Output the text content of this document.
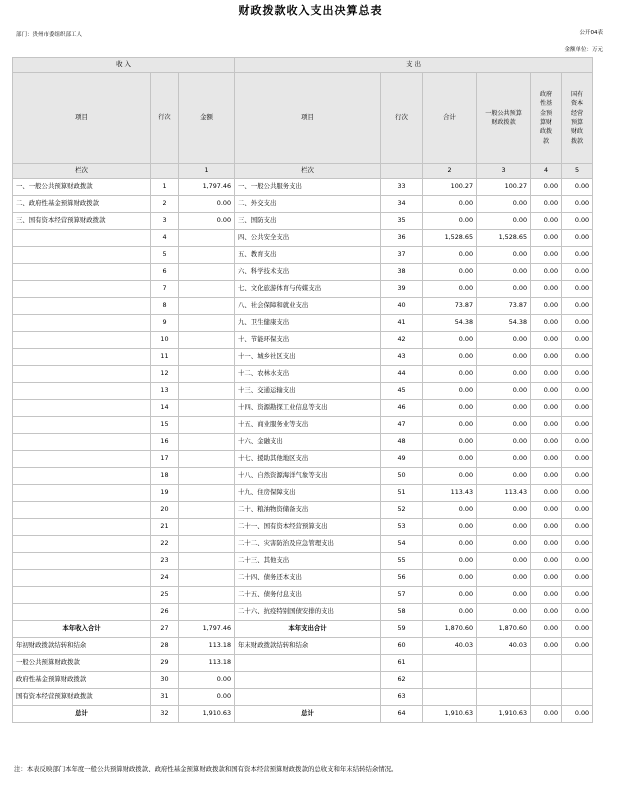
财政拨款收入支出决算总表
部门：贵州市委组织部工人	公开04表
金额单位：万元
收 入			支 出					
项目	行次	金额	项目	行次	合计	一般公共预算财政拨款	政府性基金预算财政拨款	国有资本经营预算财政拨款
栏次		1	栏次		2	3	4	5
一、一般公共预算财政拨款	1	1,797.46	一、一般公共服务支出	33	100.27	100.27	0.00	0.00
二、政府性基金预算财政拨款	2	0.00	二、外交支出	34	0.00	0.00	0.00	0.00
三、国有资本经营预算财政拨款	3	0.00	三、国防支出	35	0.00	0.00	0.00	0.00
	4		四、公共安全支出	36	1,528.65	1,528.65	0.00	0.00
	5		五、教育支出	37	0.00	0.00	0.00	0.00
	6		六、科学技术支出	38	0.00	0.00	0.00	0.00
	7		七、文化旅游体育与传媒支出	39	0.00	0.00	0.00	0.00
	8		八、社会保障和就业支出	40	73.87	73.87	0.00	0.00
	9		九、卫生健康支出	41	54.38	54.38	0.00	0.00
	10		十、节能环保支出	42	0.00	0.00	0.00	0.00
	11		十一、城乡社区支出	43	0.00	0.00	0.00	0.00
	12		十二、农林水支出	44	0.00	0.00	0.00	0.00
	13		十三、交通运输支出	45	0.00	0.00	0.00	0.00
	14		十四、资源勘探工业信息等支出	46	0.00	0.00	0.00	0.00
	15		十五、商业服务业等支出	47	0.00	0.00	0.00	0.00
	16		十六、金融支出	48	0.00	0.00	0.00	0.00
	17		十七、援助其他地区支出	49	0.00	0.00	0.00	0.00
	18		十八、自然资源海洋气象等支出	50	0.00	0.00	0.00	0.00
	19		十九、住房保障支出	51	113.43	113.43	0.00	0.00
	20		二十、粮油物资储备支出	52	0.00	0.00	0.00	0.00
	21		二十一、国有资本经营预算支出	53	0.00	0.00	0.00	0.00
	22		二十二、灾害防治及应急管理支出	54	0.00	0.00	0.00	0.00
	23		二十三、其他支出	55	0.00	0.00	0.00	0.00
	24		二十四、债务还本支出	56	0.00	0.00	0.00	0.00
	25		二十五、债务付息支出	57	0.00	0.00	0.00	0.00
	26		二十六、抗疫特别国债安排的支出	58	0.00	0.00	0.00	0.00
本年收入合计	27	1,797.46	本年支出合计	59	1,870.60	1,870.60	0.00	0.00
年初财政拨款结转和结余	28	113.18	年末财政拨款结转和结余	60	40.03	40.03	0.00	0.00
一般公共预算财政拨款	29	113.18		61				
政府性基金预算财政拨款	30	0.00		62				
国有资本经营预算财政拨款	31	0.00		63				
总计	32	1,910.63	总计	64	1,910.63	1,910.63	0.00	0.00
注：本表反映部门本年度一般公共预算财政拨款、政府性基金预算财政拨款和国有资本经营预算财政拨款的总收支和年末结转结余情况。
